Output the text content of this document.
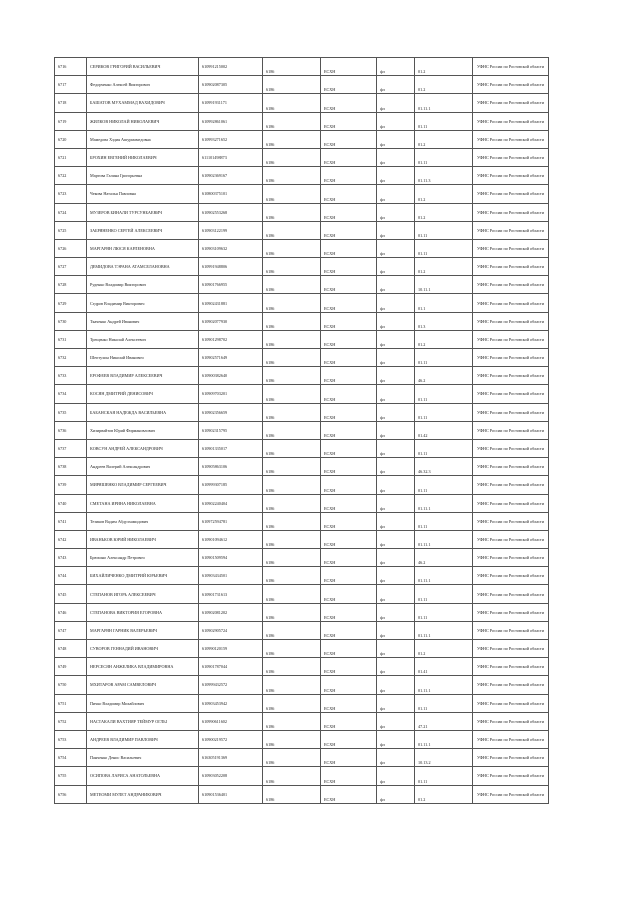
6716	СЕРИКОВ ГРИГОРИЙ ВАСИЛЬЕВИЧ	610991215002	6186	ЕСХН	фл	01.2	УФНС России по Ростовской области
6717	Федорченко Алексей Викторович	610902087305	6186	ЕСХН	фл	01.2	УФНС России по Ростовской области
6718	БАШАТОВ МУХАММАД ВАХИДОВИЧ	610991931171	6186	ЕСХН	фл	01.11.1	УФНС России по Ростовской области
6719	ЖИЛКОВ НИКОЛАЙ НИКОЛАЕВИЧ	610992861061	6186	ЕСХН	фл	01.11	УФНС России по Ростовской области
6720	Мамедова Хэдия Ашурмамедовна	610993271652	6186	ЕСХН	фл	01.2	УФНС России по Ростовской области
6721	БРОХИН ЕВГЕНИЙ НИКОЛАЕВИЧ	611101498873	6186	ЕСХН	фл	01.11	УФНС России по Ростовской области
6722	Мартова Галина Григорьевна	610902369167	6186	ЕСХН	фл	01.11.3	УФНС России по Ростовской области
6723	Чекова Наталья Павловна	610800375101	6186	ЕСХН	фл	01.2	УФНС России по Ростовской области
6724	МУЗЕРОВ БИНАЛИ ТУРСУНБАЕВИЧ	610902553268	6186	ЕСХН	фл	01.2	УФНС России по Ростовской области
6725	ЗАБРЯНЕНКО СЕРГЕЙ АЛЕКСЕЕВИЧ	610903122199	6186	ЕСХН	фл	01.11	УФНС России по Ростовской области
6726	МАРГАРЯН ЛЮСЯ КАРЛЕНОВНА	610903109632	6186	ЕСХН	фл	01.11	УФНС России по Ростовской области
6727	ДЕМИДОВА ТЭРАНА АТАМСЕЛАНОВНА	610991948806	6186	ЕСХН	фл	01.2	УФНС России по Ростовской области
6728	Руденко Владимир Викторович	610901766955	6186	ЕСХН	фл	10.11.1	УФНС России по Ростовской области
6729	Седров Владимир Викторович	610902431881	6186	ЕСХН	фл	01.1	УФНС России по Ростовской области
6730	Ткаченко Андрей Иванович	610902077930	6186	ЕСХН	фл	01.3	УФНС России по Ростовской области
6731	Трещенко Николай Алексеевич	610901298702	6186	ЕСХН	фл	01.2	УФНС России по Ростовской области
6732	Шептухин Николай Иванович	610902571649	6186	ЕСХН	фл	01.11	УФНС России по Ростовской области
6733	ЕРОФЕЕВ ВЛАДИМИР АЛЕКСЕЕВИЧ	610900382640	6186	ЕСХН	фл	46.2	УФНС России по Ростовской области
6734	КОСЯН ДМИТРИЙ ДЕНИСОВИЧ	610909703201	6186	ЕСХН	фл	01.11	УФНС России по Ростовской области
6735	БАБАНСКАЯ НАДЕЖДА ВАСИЛЬЕВНА	610902356659	6186	ЕСХН	фл	01.11	УФНС России по Ростовской области
6736	Хизирвайтов Юрий Фирмановлович	610902315795	6186	ЕСХН	фл	01.42	УФНС России по Ростовской области
6737	КОВСУН АНДРЕЙ АЛЕКСАНДРОВИЧ	610901335017	6186	ЕСХН	фл	01.11	УФНС России по Ростовской области
6738	Андреев Валерий Александрович	610905863106	6186	ЕСХН	фл	46.32.3	УФНС России по Ростовской области
6739	МИРЯШЕНКО ВЛАДИМИР СЕРГЕЕВИЧ	610999307185	6186	ЕСХН	фл	01.11	УФНС России по Ростовской области
6740	СМЕТАНА ИРИНА НИКОЛАЕВНА	610902240404	6186	ЕСХН	фл	01.11.1	УФНС России по Ростовской области
6741	Тезиков Вадим Абдулхамидович	610972594781	6186	ЕСХН	фл	01.11	УФНС России по Ростовской области
6742	ИВАНЬКОВ ЮРИЙ НИКОЛАЕВИЧ	610901094612	6186	ЕСХН	фл	01.11.1	УФНС России по Ростовской области
6743	Брюхино Александр Петрович	610901509594	6186	ЕСХН	фл	46.2	УФНС России по Ростовской области
6744	БИХАЙЛИЧЕНКО ДМИТРИЙ ЮРЬЕВИЧ	610903434501	6186	ЕСХН	фл	01.11.1	УФНС России по Ростовской области
6745	СТЕПАНОВ ИГОРЬ АЛЕКСЕЕВИЧ	610901731613	6186	ЕСХН	фл	01.11	УФНС России по Ростовской области
6746	СТЕПАНОВА ВИКТОРИЯ ЕГОРОВНА	610902081202	6186	ЕСХН	фл	01.11	УФНС России по Ростовской области
6747	МАРГАРЯН ГАРНИК ВАЛЕРЬЕВИЧ	610902905724	6186	ЕСХН	фл	01.11.1	УФНС России по Ростовской области
6748	СУВОРОВ ГЕННАДИЙ ИВАНОВИЧ	610990120159	6186	ЕСХН	фл	01.2	УФНС России по Ростовской области
6749	НЕРСЕСЯН АНЖЕЛИКА ВЛАДИМИРОВНА	610901787044	6186	ЕСХН	фл	01.41	УФНС России по Ростовской области
6750	МХИТАРОВ АРАМ САМВЕЛОВИЧ	610999432572	6186	ЕСХН	фл	01.11.1	УФНС России по Ростовской области
6751	Пичко Владимир Михайлович	610903453942	6186	ЕСХН	фл	01.11	УФНС России по Ростовской области
6752	НАСТАКАЛИ ВАХТИЯР ТЕЙМУР ОГЛЫ	610990611602	6186	ЕСХН	фл	47.21	УФНС России по Ростовской области
6753	АНДРЕЕВ ВЛАДИМИР ПАВЛОВИЧ	610900219572	6186	ЕСХН	фл	01.11.1	УФНС России по Ростовской области
6754	Панченко Денис Васильевич	616305191369	6186	ЕСХН	фл	10.13.2	УФНС России по Ростовской области
6755	ОСИПОВА ЛАРИСА АНАТОЛЬЕВНА	610903052208	6186	ЕСХН	фл	01.11	УФНС России по Ростовской области
6756	МЕТЕОМИ МУЛЕТ АНДРАНИКОВИЧ	610901536401	6186	ЕСХН	фл	01.2	УФНС России по Ростовской области
